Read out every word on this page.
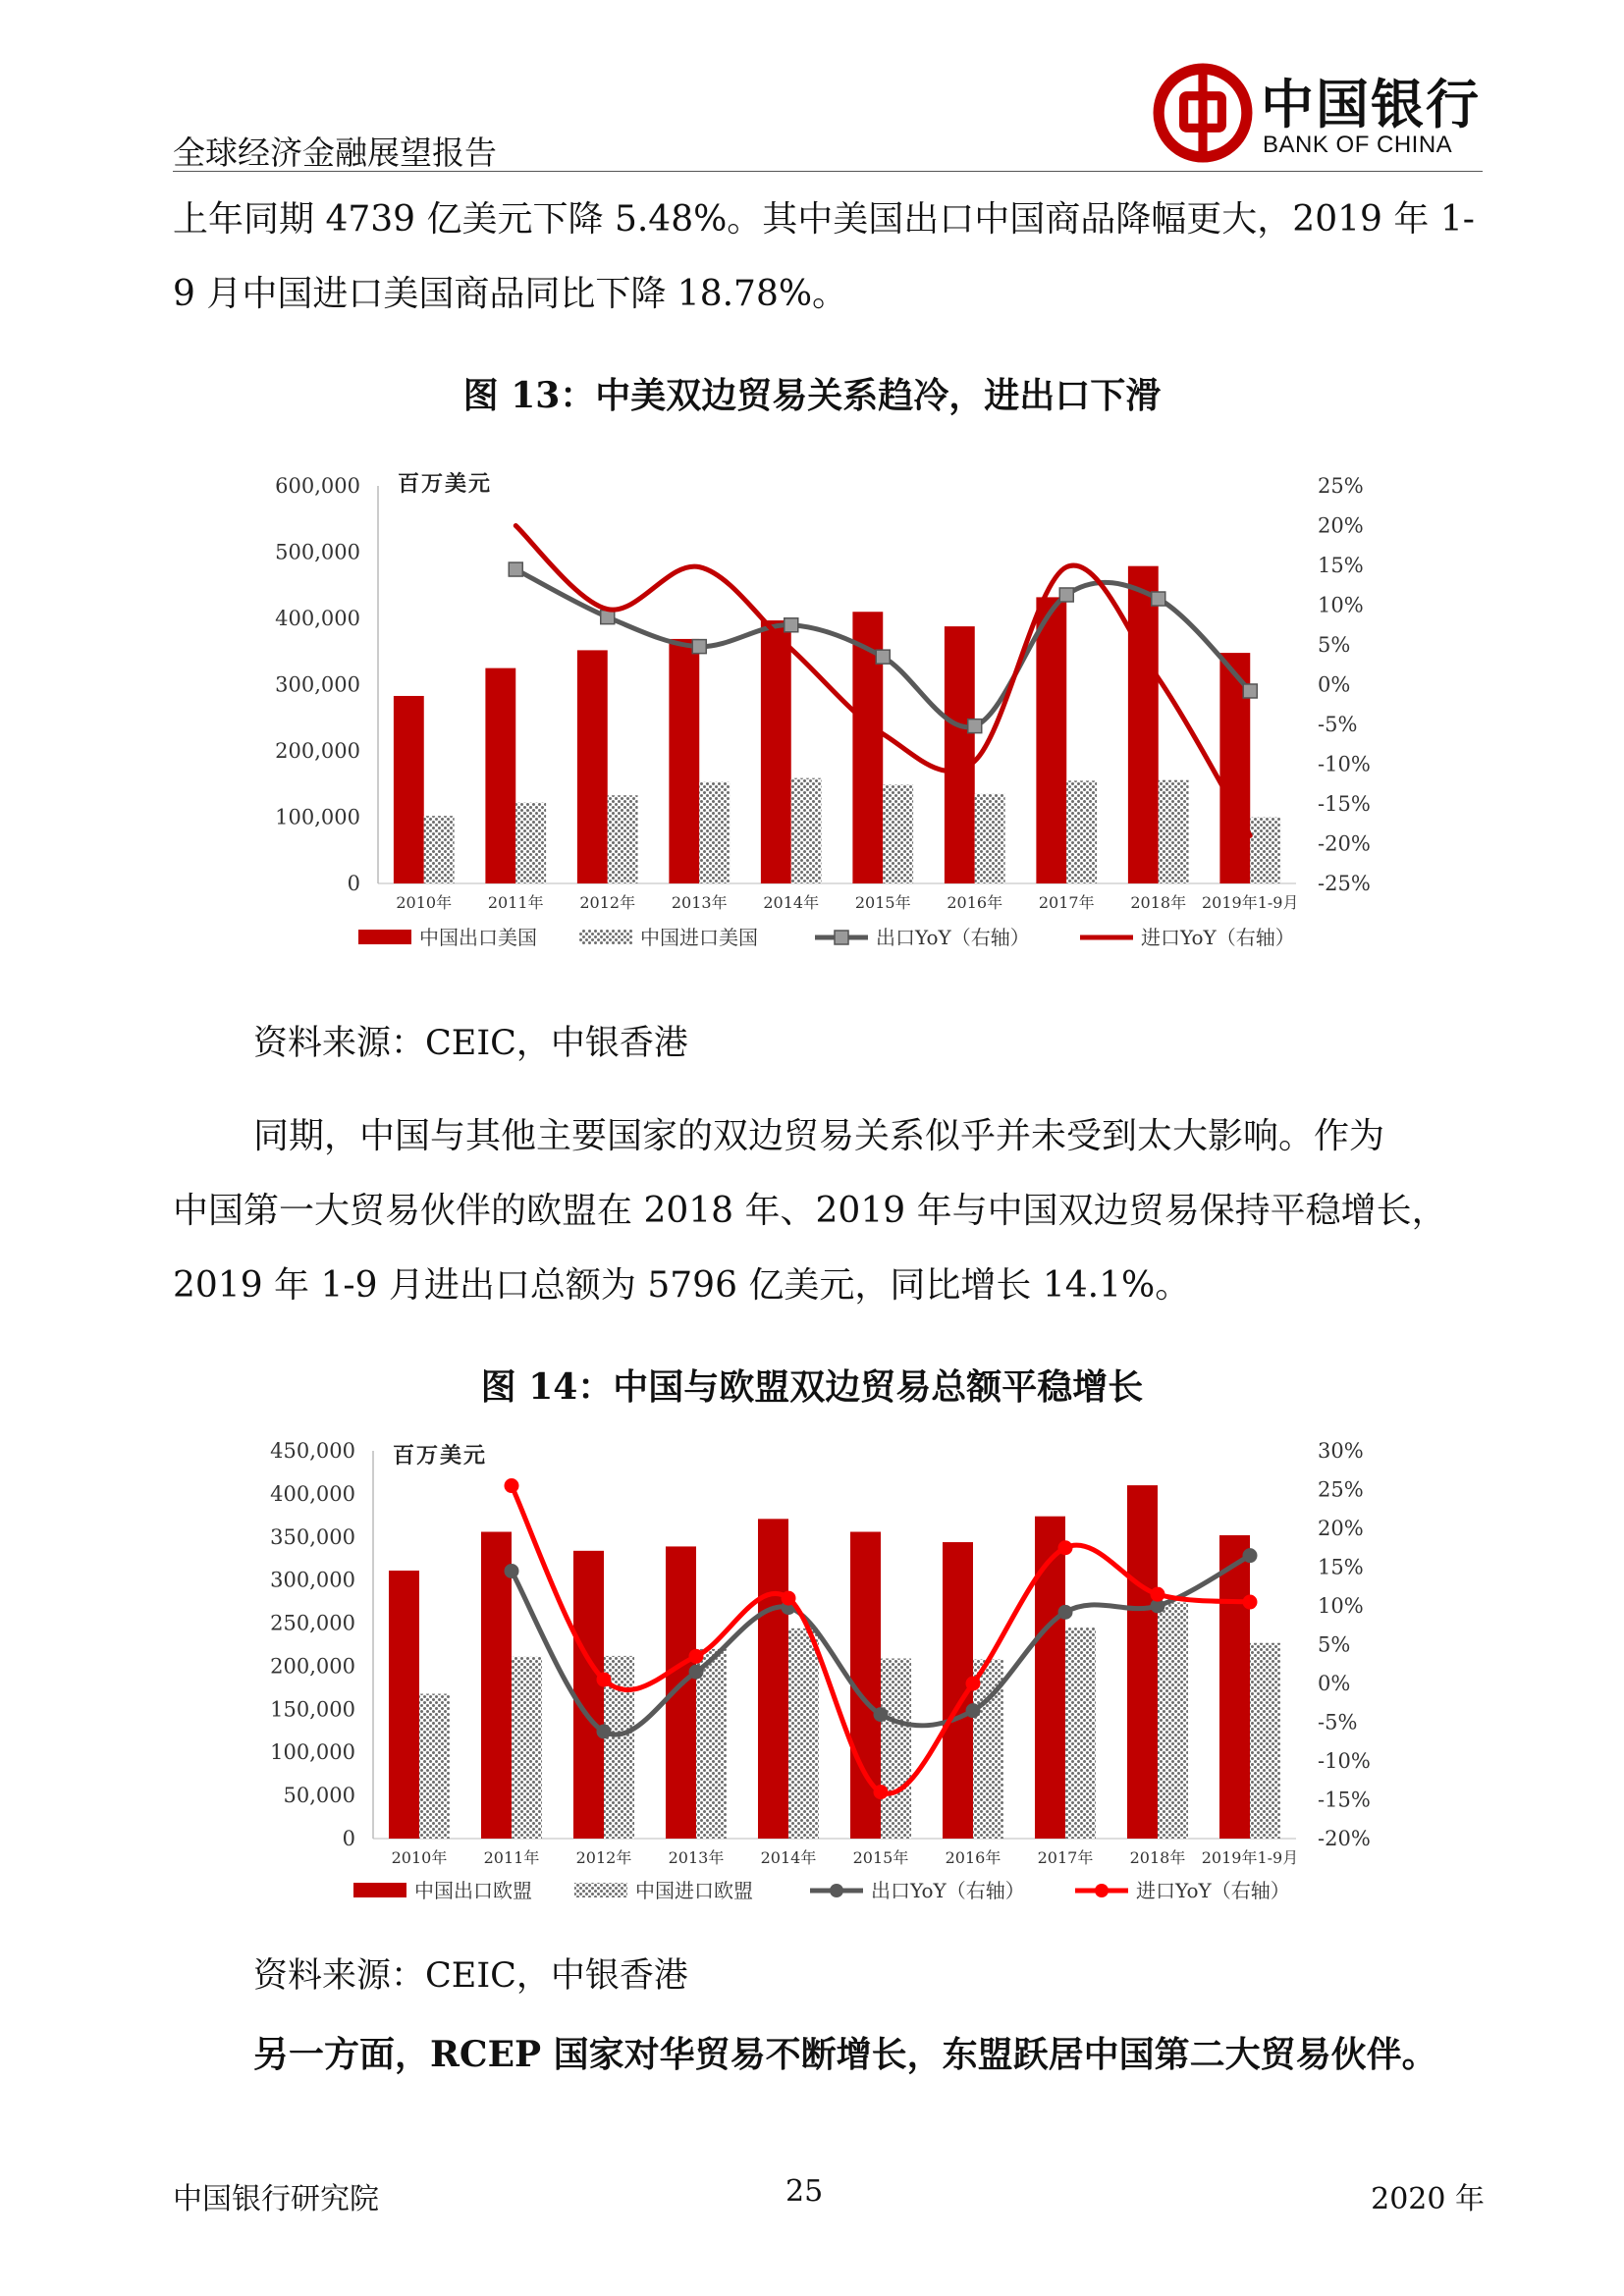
全球经济金融展望报告
中国银行
BANK OF CHINA
上年同期 4739 亿美元下降 5.48%。其中美国出口中国商品降幅更大，2019 年 1-
9 月中国进口美国商品同比下降 18.78%。
图 13：中美双边贸易关系趋冷，进出口下滑
600,000
500,000
400,000
300,000
200,000
100,000
0
25%
20%
15%
10%
5%
0%
-5%
-10%
-15%
-20%
-25%
百万美元
2010年 2011年 2012年 2013年 2014年 2015年 2016年 2017年 2018年 2019年1-9月
中国出口美国	中国进口美国	出口YoY（右轴）	进口YoY（右轴）
资料来源：CEIC，中银香港
同期，中国与其他主要国家的双边贸易关系似乎并未受到太大影响。作为
中国第一大贸易伙伴的欧盟在 2018 年、2019 年与中国双边贸易保持平稳增长，
2019 年 1-9 月进出口总额为 5796 亿美元，同比增长 14.1%。
图 14：中国与欧盟双边贸易总额平稳增长
450,000
400,000
350,000
300,000
250,000
200,000
150,000
100,000
50,000
0
30%
25%
20%
15%
10%
5%
0%
-5%
-10%
-15%
-20%
百万美元
2010年 2011年 2012年 2013年 2014年 2015年 2016年 2017年 2018年 2019年1-9月
中国出口欧盟	中国进口欧盟	出口YoY（右轴）	进口YoY（右轴）
资料来源：CEIC，中银香港
另一方面，RCEP 国家对华贸易不断增长，东盟跃居中国第二大贸易伙伴。
中国银行研究院	25	2020 年
